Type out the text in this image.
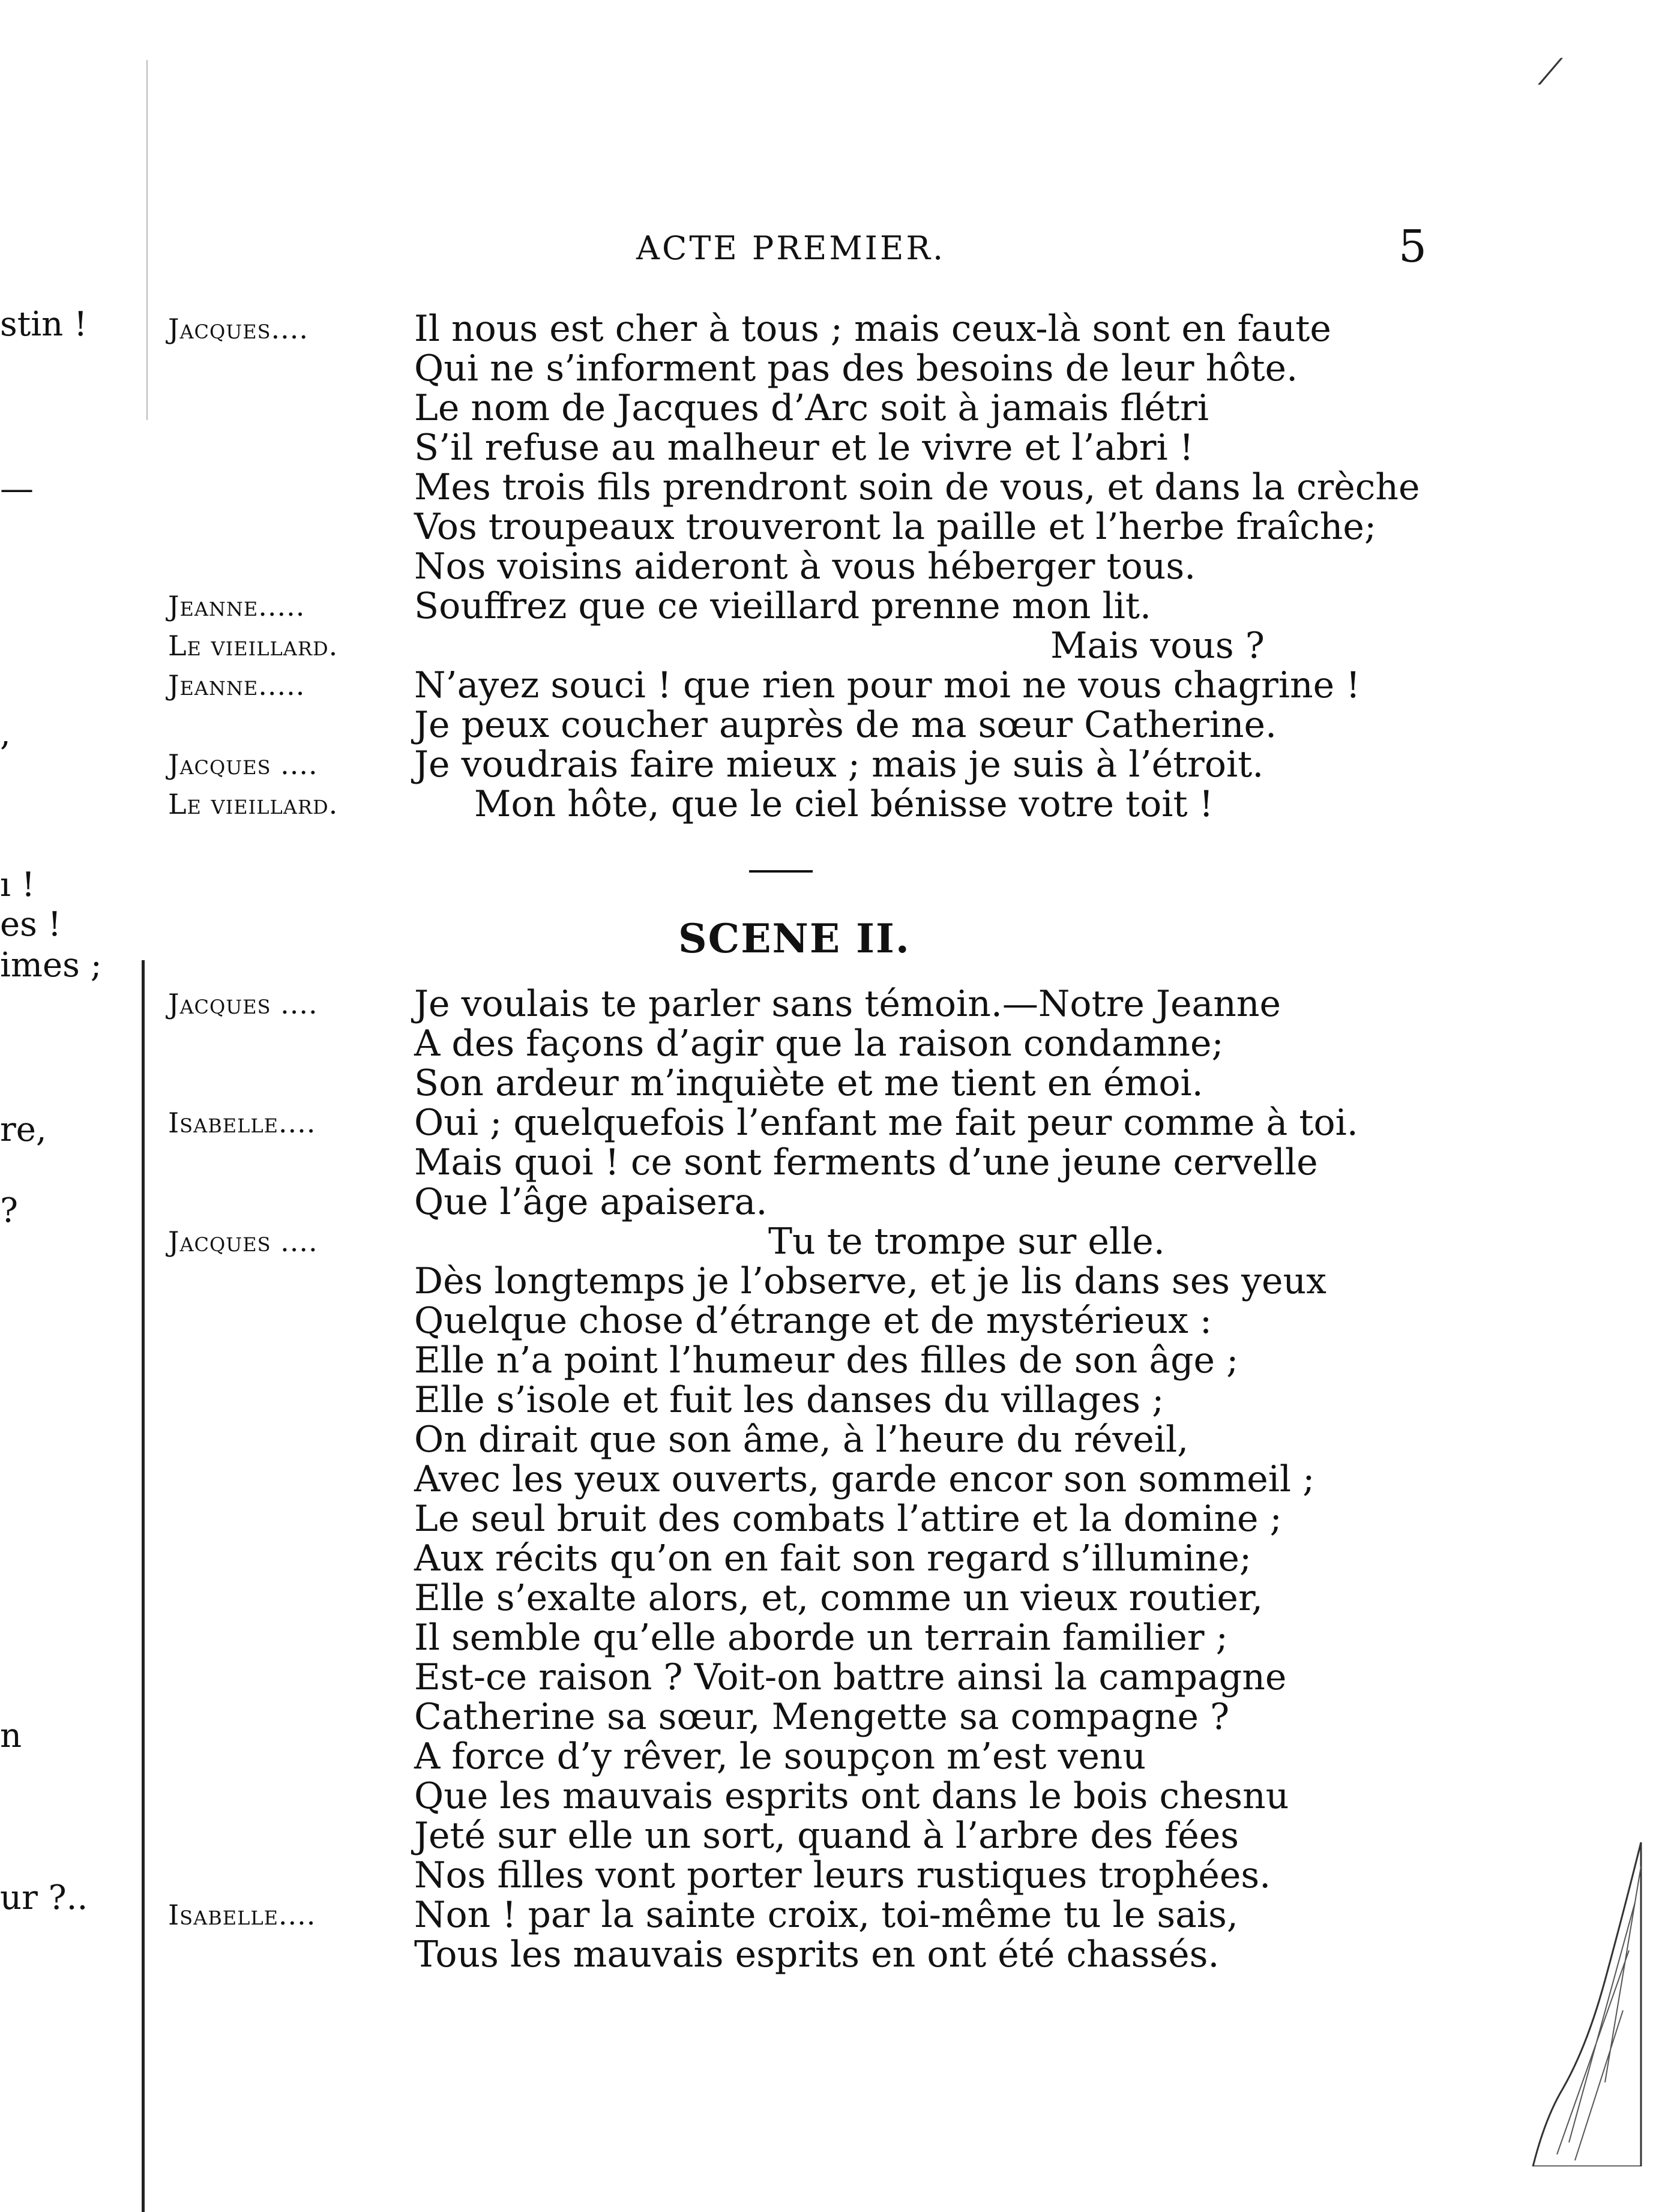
⟋
ACTE PREMIER.	5
stin !
—
,
ı !
es !
imes ;
re,
?
n
ur ?..
Jacques....	Il nous est cher à tous ; mais ceux-là sont en faute
Qui ne s’informent pas des besoins de leur hôte.
Le nom de Jacques d’Arc soit à jamais flétri
S’il refuse au malheur et le vivre et l’abri !
Mes trois fils prendront soin de vous, et dans la crèche
Vos troupeaux trouveront la paille et l’herbe fraîche;
Nos voisins aideront à vous héberger tous.
Jeanne.....	Souffrez que ce vieillard prenne mon lit.
Le vieillard.	Mais vous ?
Jeanne.....	N’ayez souci ! que rien pour moi ne vous chagrine !
Je peux coucher auprès de ma sœur Catherine.
Jacques ....	Je voudrais faire mieux ; mais je suis à l’étroit.
Le vieillard.	Mon hôte, que le ciel bénisse votre toit !
SCENE II.
Jacques ....	Je voulais te parler sans témoin.—Notre Jeanne
A des façons d’agir que la raison condamne;
Son ardeur m’inquiète et me tient en émoi.
Isabelle....	Oui ; quelquefois l’enfant me fait peur comme à toi.
Mais quoi ! ce sont ferments d’une jeune cervelle
Que l’âge apaisera.
Jacques ....	Tu te trompe sur elle.
Dès longtemps je l’observe, et je lis dans ses yeux
Quelque chose d’étrange et de mystérieux :
Elle n’a point l’humeur des filles de son âge ;
Elle s’isole et fuit les danses du villages ;
On dirait que son âme, à l’heure du réveil,
Avec les yeux ouverts, garde encor son sommeil ;
Le seul bruit des combats l’attire et la domine ;
Aux récits qu’on en fait son regard s’illumine;
Elle s’exalte alors, et, comme un vieux routier,
Il semble qu’elle aborde un terrain familier ;
Est-ce raison ? Voit-on battre ainsi la campagne
Catherine sa sœur, Mengette sa compagne ?
A force d’y rêver, le soupçon m’est venu
Que les mauvais esprits ont dans le bois chesnu
Jeté sur elle un sort, quand à l’arbre des fées
Nos filles vont porter leurs rustiques trophées.
Isabelle....	Non ! par la sainte croix, toi-même tu le sais,
Tous les mauvais esprits en ont été chassés.
